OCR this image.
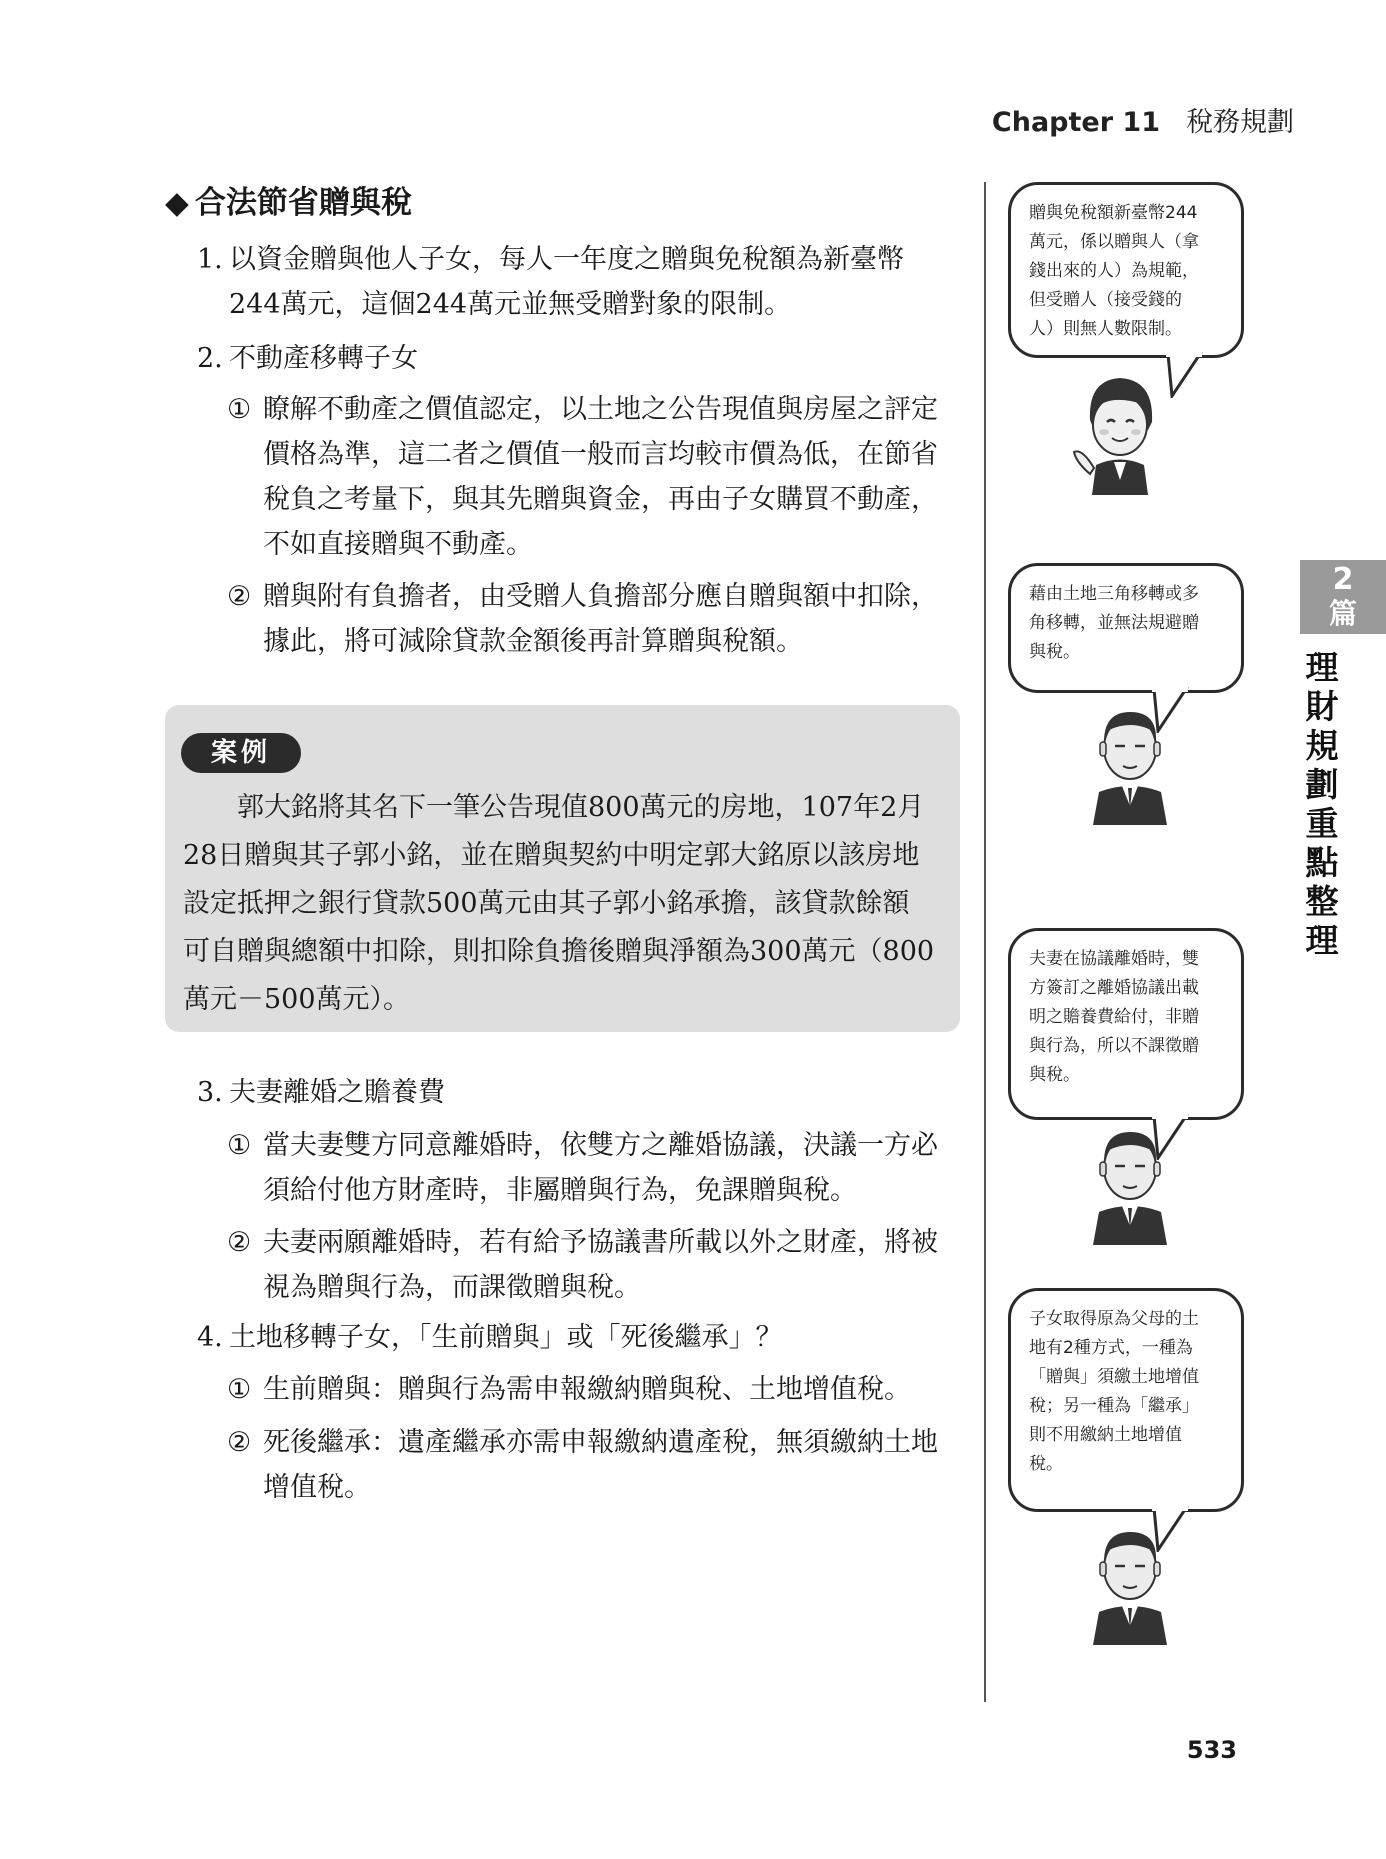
Chapter 11 稅務規劃
◆ 合法節省贈與稅
1. 以資金贈與他人子女，每人一年度之贈與免稅額為新臺幣
244萬元，這個244萬元並無受贈對象的限制。
2. 不動產移轉子女
① 瞭解不動產之價值認定，以土地之公告現值與房屋之評定
價格為準，這二者之價值一般而言均較市價為低，在節省
稅負之考量下，與其先贈與資金，再由子女購買不動產，
不如直接贈與不動產。
② 贈與附有負擔者，由受贈人負擔部分應自贈與額中扣除，
據此，將可減除貸款金額後再計算贈與稅額。
案例
　　郭大銘將其名下一筆公告現值800萬元的房地，107年2月
28日贈與其子郭小銘，並在贈與契約中明定郭大銘原以該房地
設定抵押之銀行貸款500萬元由其子郭小銘承擔，該貸款餘額
可自贈與總額中扣除，則扣除負擔後贈與淨額為300萬元（800
萬元－500萬元）。
3. 夫妻離婚之贍養費
① 當夫妻雙方同意離婚時，依雙方之離婚協議，決議一方必
須給付他方財產時，非屬贈與行為，免課贈與稅。
② 夫妻兩願離婚時，若有給予協議書所載以外之財產，將被
視為贈與行為，而課徵贈與稅。
4. 土地移轉子女，「生前贈與」或「死後繼承」？
① 生前贈與：贈與行為需申報繳納贈與稅、土地增值稅。
② 死後繼承：遺產繼承亦需申報繳納遺產稅，無須繳納土地
增值稅。
贈與免稅額新臺幣244
萬元，係以贈與人（拿
錢出來的人）為規範，
但受贈人（接受錢的
人）則無人數限制。
藉由土地三角移轉或多
角移轉，並無法規避贈
與稅。
夫妻在協議離婚時，雙
方簽訂之離婚協議出載
明之贍養費給付，非贈
與行為，所以不課徵贈
與稅。
子女取得原為父母的土
地有2種方式，一種為
「贈與」須繳土地增值
稅；另一種為「繼承」
則不用繳納土地增值
稅。
2
篇
理
財
規
劃
重
點
整
理
533
